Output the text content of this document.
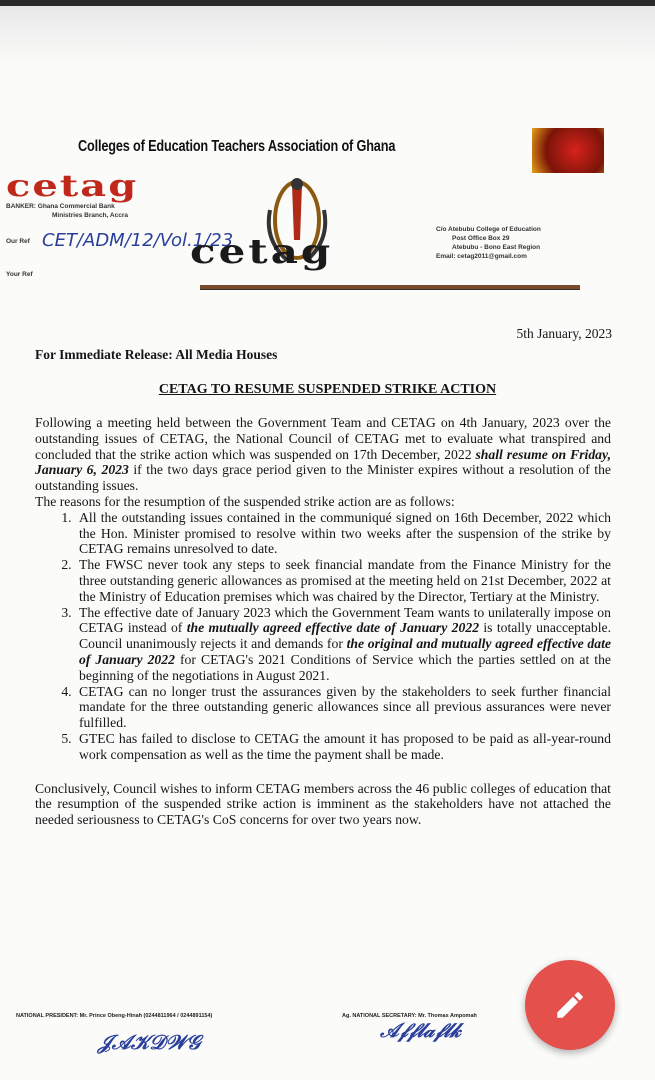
Colleges of Education Teachers Association of Ghana
cetag
BANKER: Ghana Commercial Bank
Ministries Branch, Accra
Our Ref CET/ADM/12/Vol.1/23
Your Ref
cetag
C/o Atebubu College of Education
Post Office Box 29
Atebubu - Bono East Region
Email: cetag2011@gmail.com
5th January, 2023
For Immediate Release: All Media Houses
CETAG TO RESUME SUSPENDED STRIKE ACTION

Following a meeting held between the Government Team and CETAG on 4th January, 2023 over the outstanding issues of CETAG, the National Council of CETAG met to evaluate what transpired and concluded that the strike action which was suspended on 17th December, 2022 shall resume on Friday, January 6, 2023 if the two days grace period given to the Minister expires without a resolution of the outstanding issues.

The reasons for the resumption of the suspended strike action are as follows:

1. All the outstanding issues contained in the communiqué signed on 16th December, 2022 which the Hon. Minister promised to resolve within two weeks after the suspension of the strike by CETAG remains unresolved to date.
2. The FWSC never took any steps to seek financial mandate from the Finance Ministry for the three outstanding generic allowances as promised at the meeting held on 21st December, 2022 at the Ministry of Education premises which was chaired by the Director, Tertiary at the Ministry.
3. The effective date of January 2023 which the Government Team wants to unilaterally impose on CETAG instead of the mutually agreed effective date of January 2022 is totally unacceptable. Council unanimously rejects it and demands for the original and mutually agreed effective date of January 2022 for CETAG's 2021 Conditions of Service which the parties settled on at the beginning of the negotiations in August 2021.
4. CETAG can no longer trust the assurances given by the stakeholders to seek further financial mandate for the three outstanding generic allowances since all previous assurances were never fulfilled.
5. GTEC has failed to disclose to CETAG the amount it has proposed to be paid as all-year-round work compensation as well as the time the payment shall be made.

Conclusively, Council wishes to inform CETAG members across the 46 public colleges of education that the resumption of the suspended strike action is imminent as the stakeholders have not attached the needed seriousness to CETAG's CoS concerns for over two years now.

NATIONAL PRESIDENT: Mr. Prince Obeng-Hinah (0244811964 / 0244891154)	Ag. NATIONAL SECRETARY: Mr. Thomas Ampomah
𝒥𝒜𝒦𝒟𝒲𝒢	𝒜𝒻𝒻𝓁𝒶𝒻𝓁𝓀
